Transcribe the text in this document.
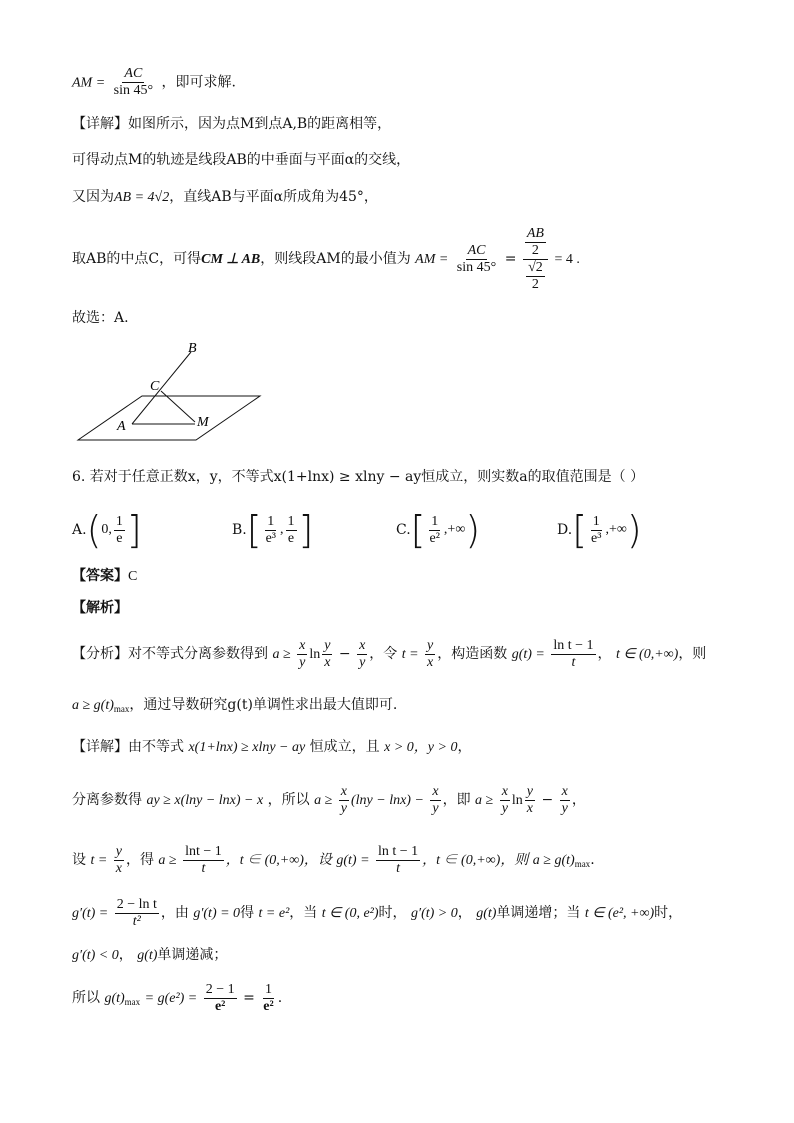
AM = $\frac{AC}{\sin 45^\circ}$ ，即可求解.
【详解】如图所示，因为点M到点A,B的距离相等，
可得动点M的轨迹是线段AB的中垂面与平面α的交线，
又因为AB = 4√2，直线AB与平面α所成角为45°，
取AB的中点C，可得CM ⊥ AB，则线段AM的最小值为 AM = $\frac{AC}{\sin 45^\circ} = \frac{\frac{AB}{2}}{\frac{√2}{2}} = 4$ .
故选：A.
B
C
A	M
6. 若对于任意正数x，y，不等式x(1+lnx) ≥ xlny − ay恒成立，则实数a的取值范围是（ ）
A. ( 0, $\frac{1}{e}$ ]	B. [ $\frac{1}{\text{e³}}$ , $\frac{1}{e}$ ]	C. [ $\frac{1}{\text{e²}}$ ,+∞ )	D. [ $\frac{1}{\text{e³}}$ ,+∞ )
【答案】C
【解析】
【分析】对不等式分离参数得到 $a \ge \frac{x}{y}$ $\ln \frac{y}{x} - \frac{x}{y}$ ，令 $t = \frac{y}{x}$ ，构造函数 $g(t) = \frac{\text{ln t − 1}}{t}$ ， t ∈ (0,+∞)，则
$a \ge g(t)_{max}$，通过导数研究g(t)单调性求出最大值即可.
【详解】由不等式 x(1+lnx) ≥ xlny − ay 恒成立，且 x > 0，y > 0，
分离参数得 ay ≥ x(lny − lnx) − x ，所以 $a \ge \frac{x}{y} (\ln y - \ln x) - \frac{x}{y}$ ，即 $a \ge \frac{x}{y}$ $\ln \frac{y}{x} - \frac{x}{y}$ ，
设 $t = \frac{y}{x}$ ，得 $a \ge \frac{\ln t - 1}{t}$ ，t ∈ (0,+∞)，设 $g(t) = \frac{\text{ln t − 1}}{t}$ ，t ∈ (0,+∞)，则 $a \ge g(t)_{max}$.
$g'(t) = \frac{\text{2 − ln t}}{\text{t²}}$ ，由 g′(t) = 0得 t = e²，当 t ∈ (0, e²)时， g′(t) > 0， g(t)单调递增；当 t ∈ (e², +∞)时，
g′(t) < 0， g(t)单调递减；
所以 $g(t)_{max} = g(e^2) = \frac{2 - 1}{\text{e²}} = \frac{1}{\text{e²}}$ .
